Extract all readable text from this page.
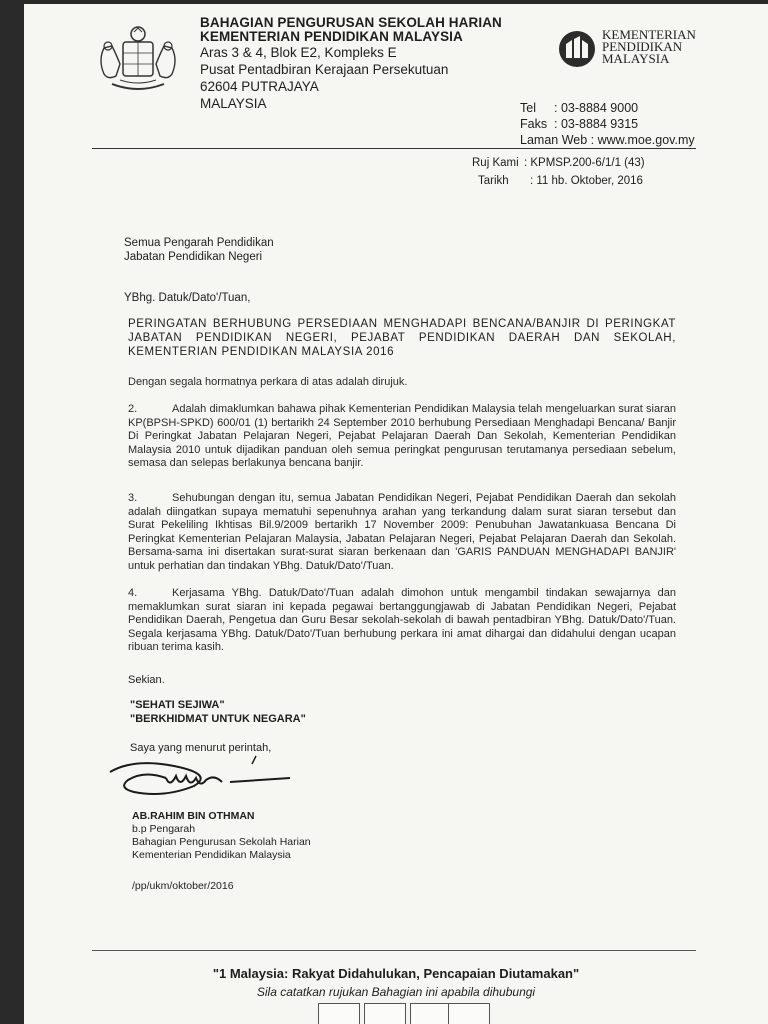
BAHAGIAN PENGURUSAN SEKOLAH HARIAN
KEMENTERIAN PENDIDIKAN MALAYSIA
Aras 3 & 4, Blok E2, Kompleks E
Pusat Pentadbiran Kerajaan Persekutuan
62604 PUTRAJAYA
MALAYSIA
KEMENTERIAN
PENDIDIKAN
MALAYSIA
Tel : 03-8884 9000
Faks : 03-8884 9315
Laman Web : www.moe.gov.my
Ruj Kami : KPMSP.200-6/1/1 (43)
Tarikh : 11 hb. Oktober, 2016
Semua Pengarah Pendidikan
Jabatan Pendidikan Negeri
YBhg. Datuk/Dato'/Tuan,
PERINGATAN BERHUBUNG PERSEDIAAN MENGHADAPI BENCANA/BANJIR DI PERINGKAT JABATAN PENDIDIKAN NEGERI, PEJABAT PENDIDIKAN DAERAH DAN SEKOLAH, KEMENTERIAN PENDIDIKAN MALAYSIA 2016
Dengan segala hormatnya perkara di atas adalah dirujuk.
2.	Adalah dimaklumkan bahawa pihak Kementerian Pendidikan Malaysia telah mengeluarkan surat siaran KP(BPSH-SPKD) 600/01 (1) bertarikh 24 September 2010 berhubung Persediaan Menghadapi Bencana/ Banjir Di Peringkat Jabatan Pelajaran Negeri, Pejabat Pelajaran Daerah Dan Sekolah, Kementerian Pendidikan Malaysia 2010 untuk dijadikan panduan oleh semua peringkat pengurusan terutamanya persediaan sebelum, semasa dan selepas berlakunya bencana banjir.
3.	Sehubungan dengan itu, semua Jabatan Pendidikan Negeri, Pejabat Pendidikan Daerah dan sekolah adalah diingatkan supaya mematuhi sepenuhnya arahan yang terkandung dalam surat siaran tersebut dan Surat Pekeliling Ikhtisas Bil.9/2009 bertarikh 17 November 2009: Penubuhan Jawatankuasa Bencana Di Peringkat Kementerian Pelajaran Malaysia, Jabatan Pelajaran Negeri, Pejabat Pelajaran Daerah dan Sekolah. Bersama-sama ini disertakan surat-surat siaran berkenaan dan 'GARIS PANDUAN MENGHADAPI BANJIR' untuk perhatian dan tindakan YBhg. Datuk/Dato'/Tuan.
4.	Kerjasama YBhg. Datuk/Dato'/Tuan adalah dimohon untuk mengambil tindakan sewajarnya dan memaklumkan surat siaran ini kepada pegawai bertanggungjawab di Jabatan Pendidikan Negeri, Pejabat Pendidikan Daerah, Pengetua dan Guru Besar sekolah-sekolah di bawah pentadbiran YBhg. Datuk/Dato'/Tuan. Segala kerjasama YBhg. Datuk/Dato'/Tuan berhubung perkara ini amat dihargai dan didahului dengan ucapan ribuan terima kasih.
Sekian.
"SEHATI SEJIWA"
"BERKHIDMAT UNTUK NEGARA"
Saya yang menurut perintah,
AB.RAHIM BIN OTHMAN
b.p Pengarah
Bahagian Pengurusan Sekolah Harian
Kementerian Pendidikan Malaysia
/pp/ukm/oktober/2016
"1 Malaysia: Rakyat Didahulukan, Pencapaian Diutamakan"
Sila catatkan rujukan Bahagian ini apabila dihubungi
